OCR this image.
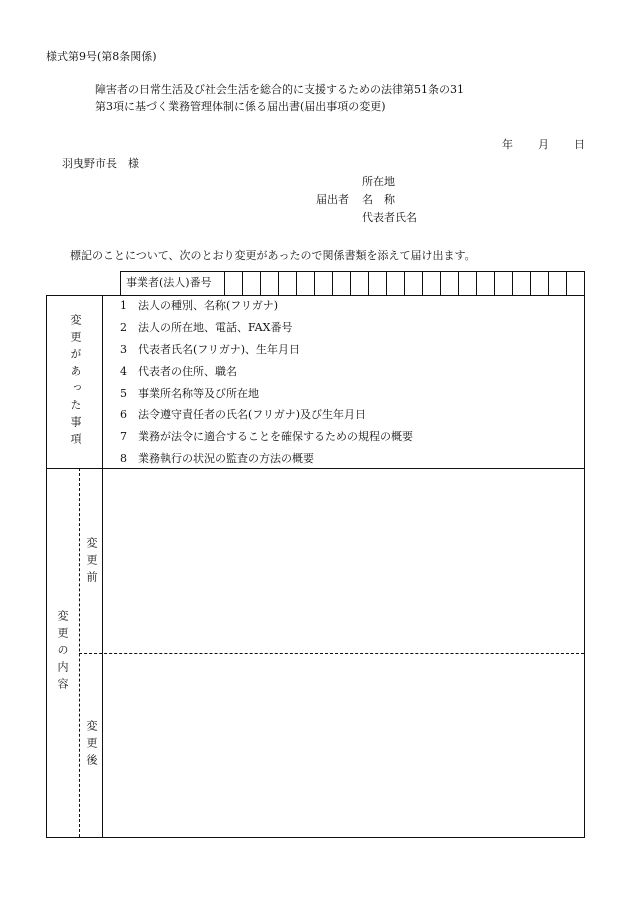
様式第9号(第8条関係)
障害者の日常生活及び社会生活を総合的に支援するための法律第51条の31
第3項に基づく業務管理体制に係る届出書(届出事項の変更)
年 月 日
羽曳野市長　様
所在地
届出者 名　称
代表者氏名
標記のことについて、次のとおり変更があったので関係書類を添えて届け出ます。
事業者(法人)番号
変更があった事項
1 法人の種別、名称(フリガナ)
2 法人の所在地、電話、FAX番号
3 代表者氏名(フリガナ)、生年月日
4 代表者の住所、職名
5 事業所名称等及び所在地
6 法令遵守責任者の氏名(フリガナ)及び生年月日
7 業務が法令に適合することを確保するための規程の概要
8 業務執行の状況の監査の方法の概要
変更の内容
変更前
変更後
